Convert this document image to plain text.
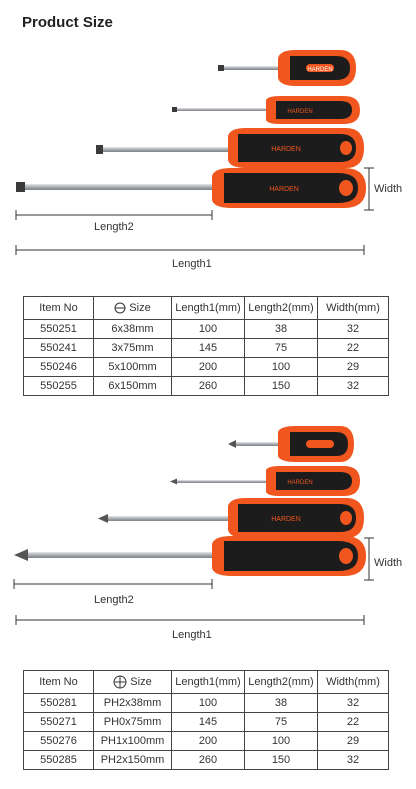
Product Size
HARDEN
HARDEN
HARDEN
HARDEN	Width
Length2
Length1
Item No	Size	Length1(mm)	Length2(mm)	Width(mm)
550251	6x38mm	100	38	32
550241	3x75mm	145	75	22
550246	5x100mm	200	100	29
550255	6x150mm	260	150	32
HARDEN
HARDEN
Width
Length2
Length1
Item No	Size	Length1(mm)	Length2(mm)	Width(mm)
550281	PH2x38mm	100	38	32
550271	PH0x75mm	145	75	22
550276	PH1x100mm	200	100	29
550285	PH2x150mm	260	150	32
